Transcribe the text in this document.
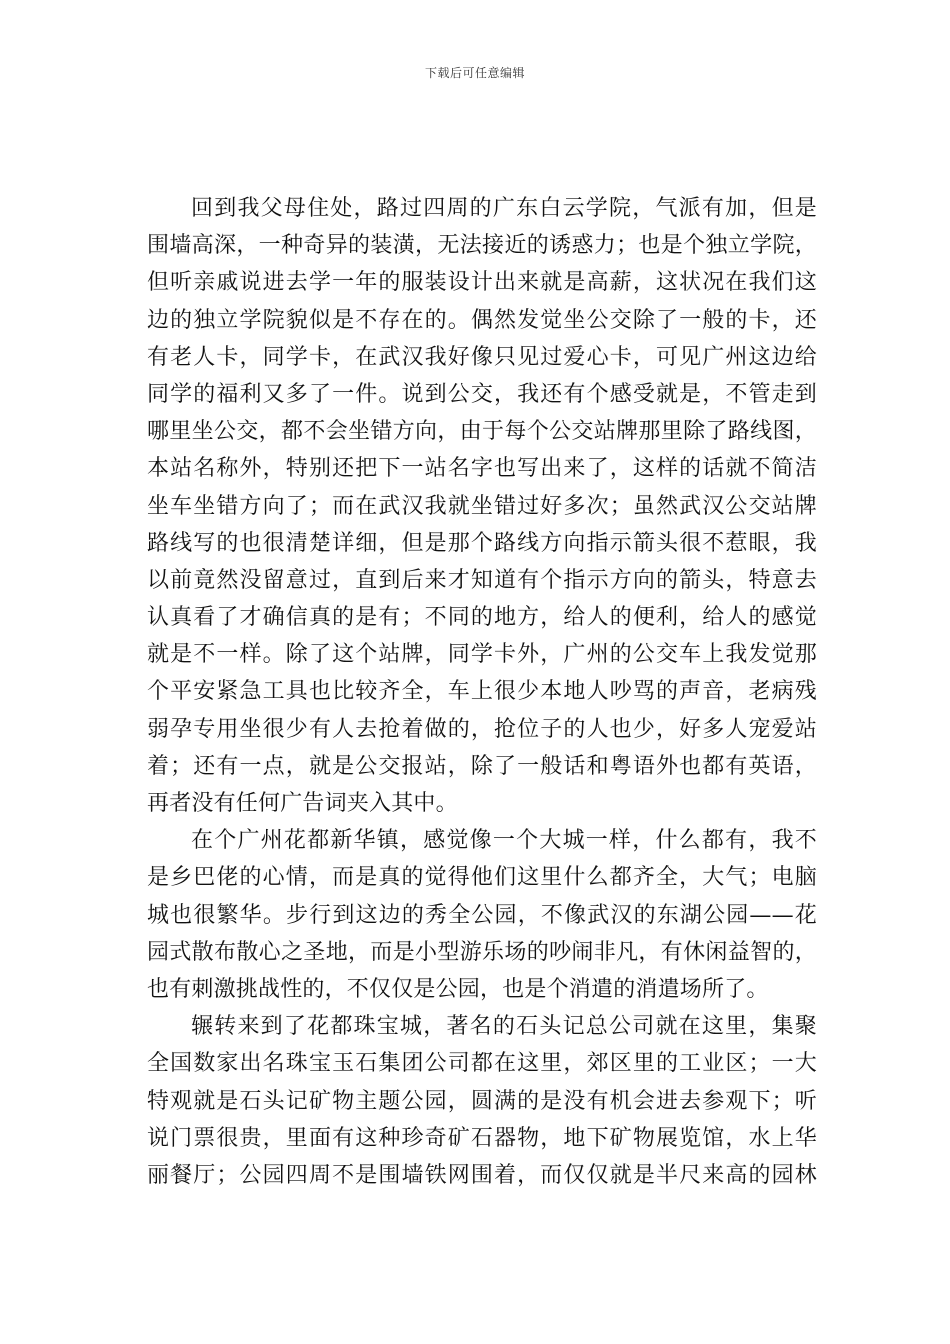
下载后可任意编辑
回到我父母住处，路过四周的广东白云学院，气派有加，但是
围墙高深，一种奇异的装潢，无法接近的诱惑力；也是个独立学院，
但听亲戚说进去学一年的服装设计出来就是高薪，这状况在我们这
边的独立学院貌似是不存在的。偶然发觉坐公交除了一般的卡，还
有老人卡，同学卡，在武汉我好像只见过爱心卡，可见广州这边给
同学的福利又多了一件。说到公交，我还有个感受就是，不管走到
哪里坐公交，都不会坐错方向，由于每个公交站牌那里除了路线图，
本站名称外，特别还把下一站名字也写出来了，这样的话就不简洁
坐车坐错方向了；而在武汉我就坐错过好多次；虽然武汉公交站牌
路线写的也很清楚详细，但是那个路线方向指示箭头很不惹眼，我
以前竟然没留意过，直到后来才知道有个指示方向的箭头，特意去
认真看了才确信真的是有；不同的地方，给人的便利，给人的感觉
就是不一样。除了这个站牌，同学卡外，广州的公交车上我发觉那
个平安紧急工具也比较齐全，车上很少本地人吵骂的声音，老病残
弱孕专用坐很少有人去抢着做的，抢位子的人也少，好多人宠爱站
着；还有一点，就是公交报站，除了一般话和粤语外也都有英语，
再者没有任何广告词夹入其中。
在个广州花都新华镇，感觉像一个大城一样，什么都有，我不
是乡巴佬的心情，而是真的觉得他们这里什么都齐全，大气；电脑
城也很繁华。步行到这边的秀全公园，不像武汉的东湖公园——花
园式散布散心之圣地，而是小型游乐场的吵闹非凡，有休闲益智的，
也有刺激挑战性的，不仅仅是公园，也是个消遣的消遣场所了。
辗转来到了花都珠宝城，著名的石头记总公司就在这里，集聚
全国数家出名珠宝玉石集团公司都在这里，郊区里的工业区；一大
特观就是石头记矿物主题公园，圆满的是没有机会进去参观下；听
说门票很贵，里面有这种珍奇矿石器物，地下矿物展览馆，水上华
丽餐厅；公园四周不是围墙铁网围着，而仅仅就是半尺来高的园林
